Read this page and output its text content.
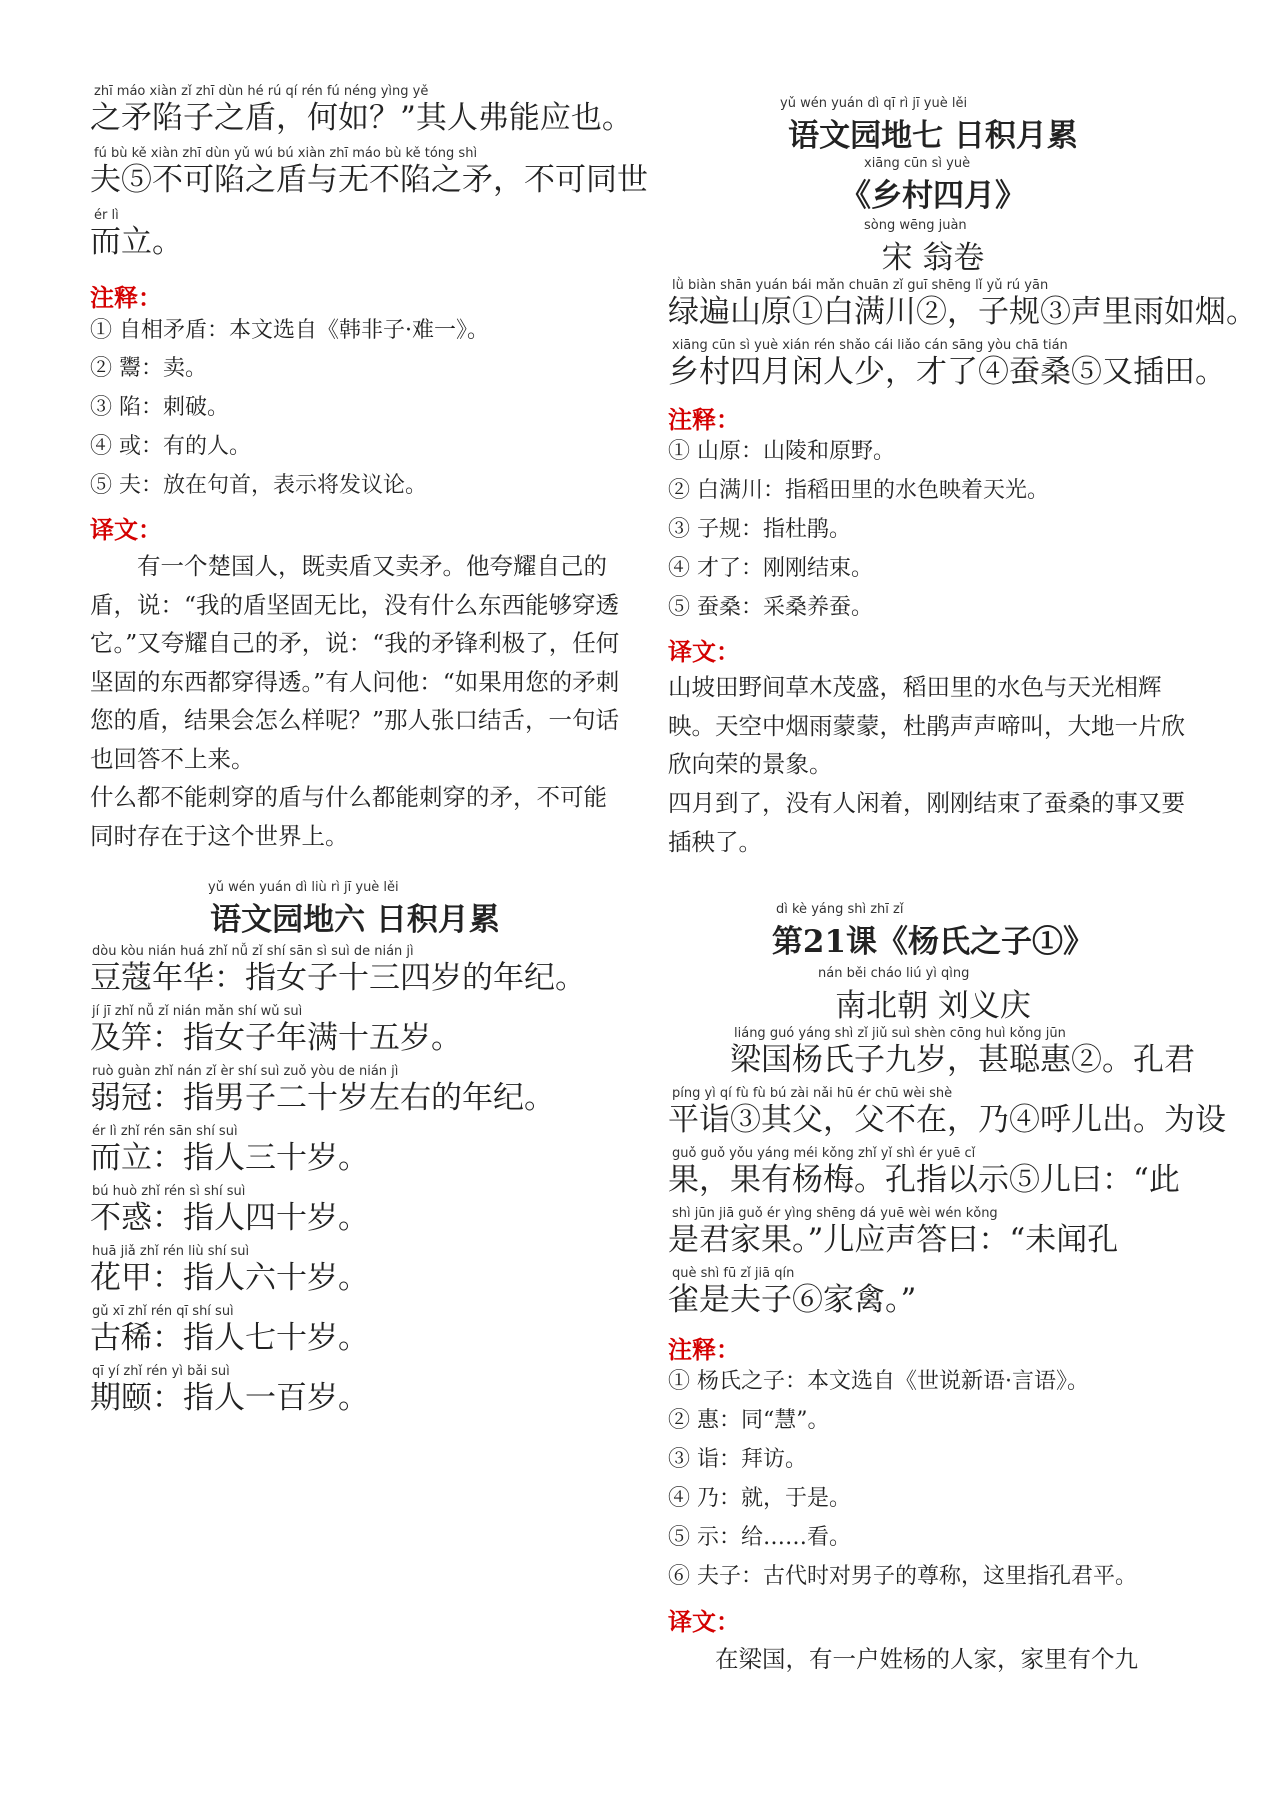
zhī máo xiàn zǐ zhī dùn hé rú qí rén fú néng yìng yě
之矛陷子之盾，何如？”其人弗能应也。
fú bù kě xiàn zhī dùn yǔ wú bú xiàn zhī máo bù kě tóng shì
夫⑤不可陷之盾与无不陷之矛，不可同世
ér lì
而立。
注释：
① 自相矛盾：本文选自《韩非子·难一》。
② 鬻：卖。
③ 陷：刺破。
④ 或：有的人。
⑤ 夫：放在句首，表示将发议论。
译文：
有一个楚国人，既卖盾又卖矛。他夸耀自己的盾，说：“我的盾坚固无比，没有什么东西能够穿透它。”又夸耀自己的矛，说：“我的矛锋利极了，任何坚固的东西都穿得透。”有人问他：“如果用您的矛刺您的盾，结果会怎么样呢？”那人张口结舌，一句话也回答不上来。
什么都不能刺穿的盾与什么都能刺穿的矛，不可能同时存在于这个世界上。
yǔ wén yuán dì liù rì jī yuè lěi
语文园地六 日积月累
dòu kòu nián huá zhǐ nǚ zǐ shí sān sì suì de nián jì
豆蔻年华：指女子十三四岁的年纪。
jí jī zhǐ nǚ zǐ nián mǎn shí wǔ suì
及笄：指女子年满十五岁。
ruò guàn zhǐ nán zǐ èr shí suì zuǒ yòu de nián jì
弱冠：指男子二十岁左右的年纪。
ér lì zhǐ rén sān shí suì
而立：指人三十岁。
bú huò zhǐ rén sì shí suì
不惑：指人四十岁。
huā jiǎ zhǐ rén liù shí suì
花甲：指人六十岁。
gǔ xī zhǐ rén qī shí suì
古稀：指人七十岁。
qī yí zhǐ rén yì bǎi suì
期颐：指人一百岁。
yǔ wén yuán dì qī rì jī yuè lěi
语文园地七 日积月累
xiāng cūn sì yuè
《乡村四月》
sòng wēng juàn
宋 翁卷
lǜ biàn shān yuán bái mǎn chuān zǐ guī shēng lǐ yǔ rú yān
绿遍山原①白满川②，子规③声里雨如烟。
xiāng cūn sì yuè xián rén shǎo cái liǎo cán sāng yòu chā tián
乡村四月闲人少，才了④蚕桑⑤又插田。
注释：
① 山原：山陵和原野。
② 白满川：指稻田里的水色映着天光。
③ 子规：指杜鹃。
④ 才了：刚刚结束。
⑤ 蚕桑：采桑养蚕。
译文：
山坡田野间草木茂盛，稻田里的水色与天光相辉映。天空中烟雨蒙蒙，杜鹃声声啼叫，大地一片欣欣向荣的景象。
四月到了，没有人闲着，刚刚结束了蚕桑的事又要插秧了。
dì kè yáng shì zhī zǐ
第21课《杨氏之子①》
nán běi cháo liú yì qìng
南北朝 刘义庆
liáng guó yáng shì zǐ jiǔ suì shèn cōng huì kǒng jūn
梁国杨氏子九岁，甚聪惠②。孔君
píng yì qí fù fù bú zài nǎi hū ér chū wèi shè
平诣③其父，父不在，乃④呼儿出。为设
guǒ guǒ yǒu yáng méi kǒng zhǐ yǐ shì ér yuē cǐ
果，果有杨梅。孔指以示⑤儿曰：“此
shì jūn jiā guǒ ér yìng shēng dá yuē wèi wén kǒng
是君家果。”儿应声答曰：“未闻孔
què shì fū zǐ jiā qín
雀是夫子⑥家禽。”
注释：
① 杨氏之子：本文选自《世说新语·言语》。
② 惠：同“慧”。
③ 诣：拜访。
④ 乃：就，于是。
⑤ 示：给……看。
⑥ 夫子：古代时对男子的尊称，这里指孔君平。
译文：
在梁国，有一户姓杨的人家，家里有个九
